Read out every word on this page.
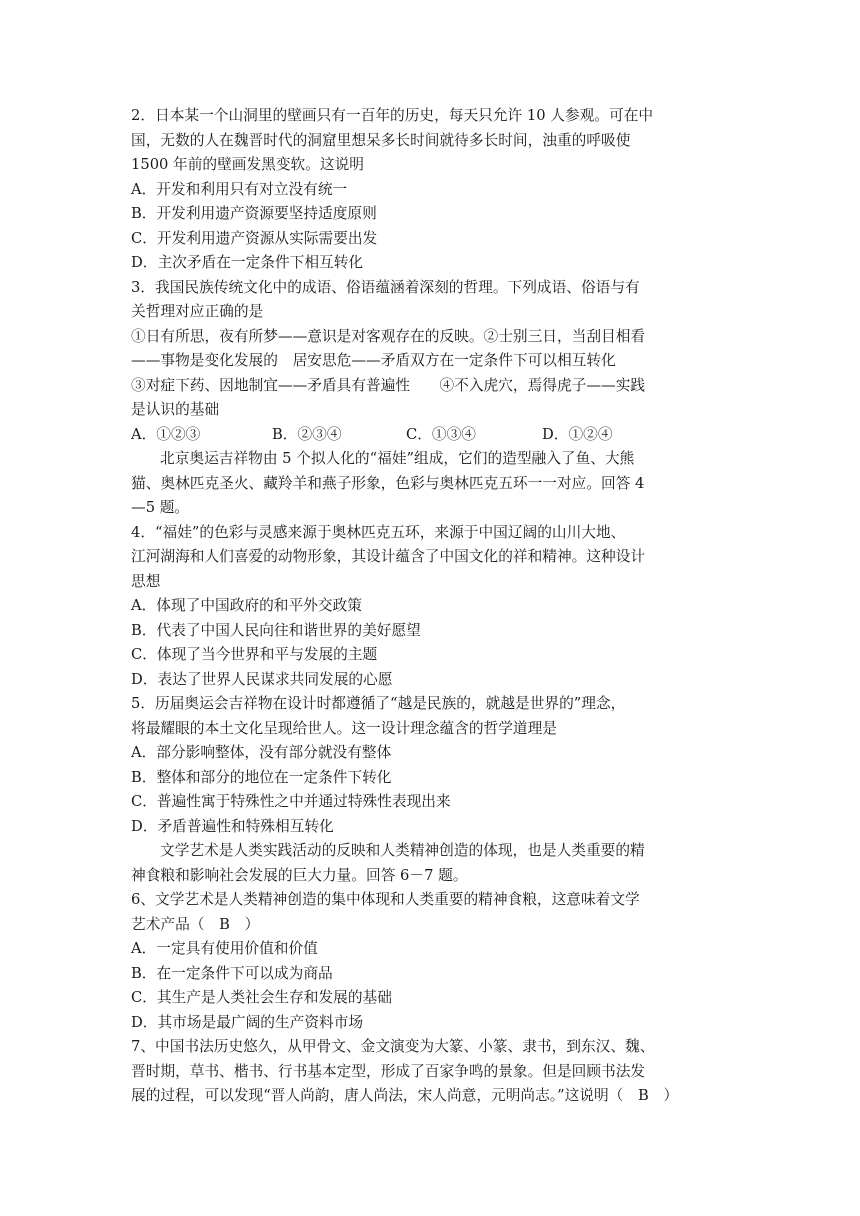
2．日本某一个山洞里的壁画只有一百年的历史，每天只允许 10 人参观。可在中
国，无数的人在魏晋时代的洞窟里想呆多长时间就待多长时间，浊重的呼吸使
1500 年前的壁画发黑变软。这说明
A．开发和利用只有对立没有统一
B．开发利用遗产资源要坚持适度原则
C．开发利用遗产资源从实际需要出发
D．主次矛盾在一定条件下相互转化
3．我国民族传统文化中的成语、俗语蕴涵着深刻的哲理。下列成语、俗语与有
关哲理对应正确的是
①日有所思，夜有所梦——意识是对客观存在的反映。②士别三日，当刮目相看
——事物是变化发展的　居安思危——矛盾双方在一定条件下可以相互转化
③对症下药、因地制宜——矛盾具有普遍性　　④不入虎穴，焉得虎子——实践
是认识的基础
A．①②③	B．②③④	C．①③④	D．①②④
北京奥运吉祥物由 5 个拟人化的“福娃”组成，它们的造型融入了鱼、大熊
猫、奥林匹克圣火、藏羚羊和燕子形象，色彩与奥林匹克五环一一对应。回答 4
—5 题。
4．“福娃”的色彩与灵感来源于奥林匹克五环，来源于中国辽阔的山川大地、
江河湖海和人们喜爱的动物形象，其设计蕴含了中国文化的祥和精神。这种设计
思想
A．体现了中国政府的和平外交政策
B．代表了中国人民向往和谐世界的美好愿望
C．体现了当今世界和平与发展的主题
D．表达了世界人民谋求共同发展的心愿
5．历届奥运会吉祥物在设计时都遵循了“越是民族的，就越是世界的”理念，
将最耀眼的本土文化呈现给世人。这一设计理念蕴含的哲学道理是
A．部分影响整体，没有部分就没有整体
B．整体和部分的地位在一定条件下转化
C．普遍性寓于特殊性之中并通过特殊性表现出来
D．矛盾普遍性和特殊相互转化
文学艺术是人类实践活动的反映和人类精神创造的体现，也是人类重要的精
神食粮和影响社会发展的巨大力量。回答 6－7 题。
6、文学艺术是人类精神创造的集中体现和人类重要的精神食粮，这意味着文学
艺术产品（　B　）
A．一定具有使用价值和价值
B．在一定条件下可以成为商品
C．其生产是人类社会生存和发展的基础
D．其市场是最广阔的生产资料市场
7、中国书法历史悠久，从甲骨文、金文演变为大篆、小篆、隶书，到东汉、魏、
晋时期，草书、楷书、行书基本定型，形成了百家争鸣的景象。但是回顾书法发
展的过程，可以发现“晋人尚韵，唐人尚法，宋人尚意，元明尚志。”这说明（　B　）
